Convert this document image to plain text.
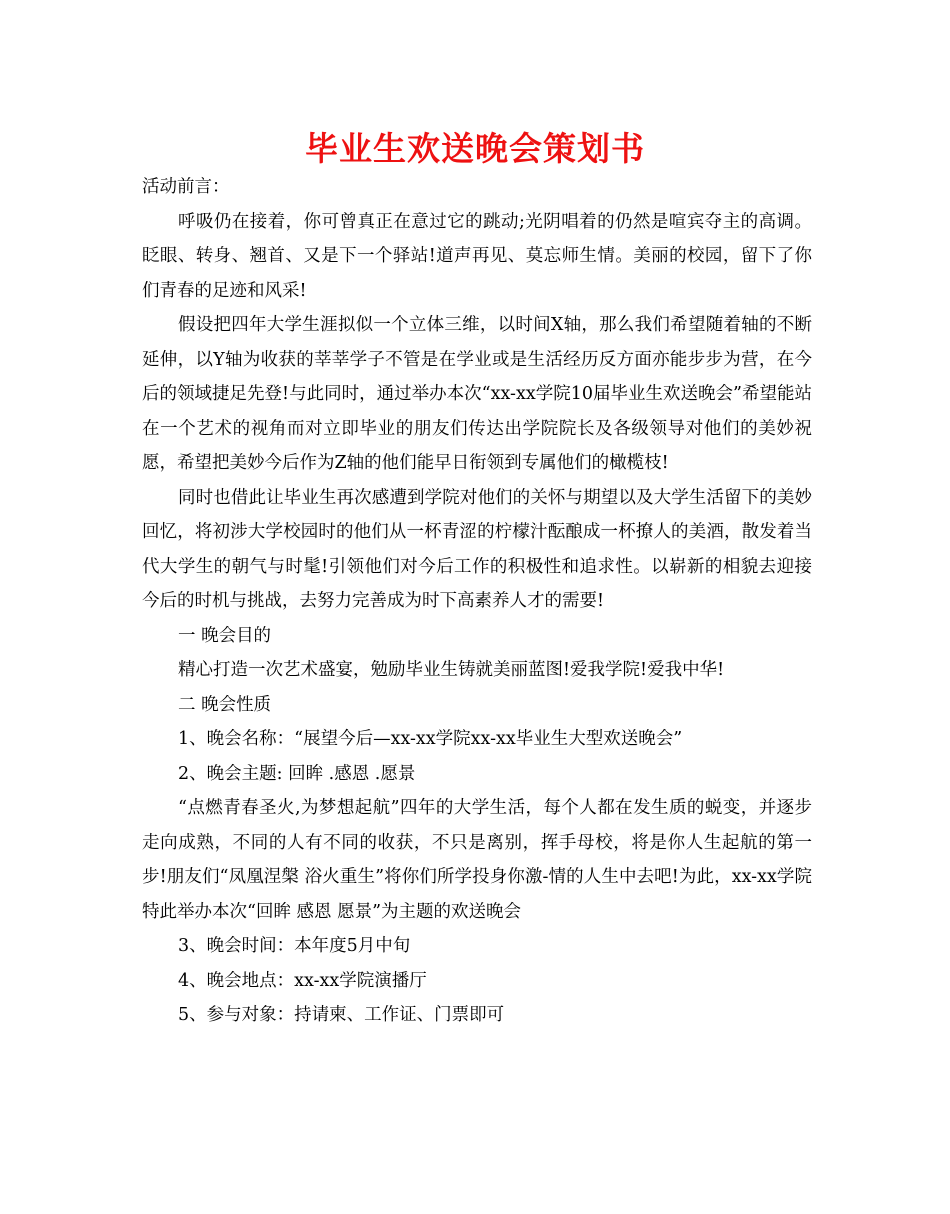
毕业生欢送晚会策划书

活动前言：

呼吸仍在接着，你可曾真正在意过它的跳动;光阴唱着的仍然是喧宾夺主的高调。眨眼、转身、翘首、又是下一个驿站!道声再见、莫忘师生情。美丽的校园，留下了你们青春的足迹和风采!

假设把四年大学生涯拟似一个立体三维，以时间X轴，那么我们希望随着轴的不断延伸，以Y轴为收获的莘莘学子不管是在学业或是生活经历反方面亦能步步为营，在今后的领域捷足先登!与此同时，通过举办本次“xx-xx学院10届毕业生欢送晚会”希望能站在一个艺术的视角而对立即毕业的朋友们传达出学院院长及各级领导对他们的美妙祝愿，希望把美妙今后作为Z轴的他们能早日衔领到专属他们的橄榄枝!

同时也借此让毕业生再次感遭到学院对他们的关怀与期望以及大学生活留下的美妙回忆，将初涉大学校园时的他们从一杯青涩的柠檬汁酝酿成一杯撩人的美酒，散发着当代大学生的朝气与时髦!引领他们对今后工作的积极性和追求性。以崭新的相貌去迎接今后的时机与挑战，去努力完善成为时下高素养人才的需要!

一 晚会目的

精心打造一次艺术盛宴，勉励毕业生铸就美丽蓝图!爱我学院!爱我中华!

二 晚会性质

1、晚会名称：“展望今后—xx-xx学院xx-xx毕业生大型欢送晚会”

2、晚会主题: 回眸 .感恩 .愿景

“点燃青春圣火,为梦想起航”四年的大学生活，每个人都在发生质的蜕变，并逐步走向成熟，不同的人有不同的收获，不只是离别，挥手母校，将是你人生起航的第一步!朋友们“凤凰涅槃 浴火重生”将你们所学投身你激-情的人生中去吧!为此，xx-xx学院特此举办本次“回眸 感恩 愿景”为主题的欢送晚会

3、晚会时间：本年度5月中旬

4、晚会地点：xx-xx学院演播厅

5、参与对象：持请柬、工作证、门票即可
